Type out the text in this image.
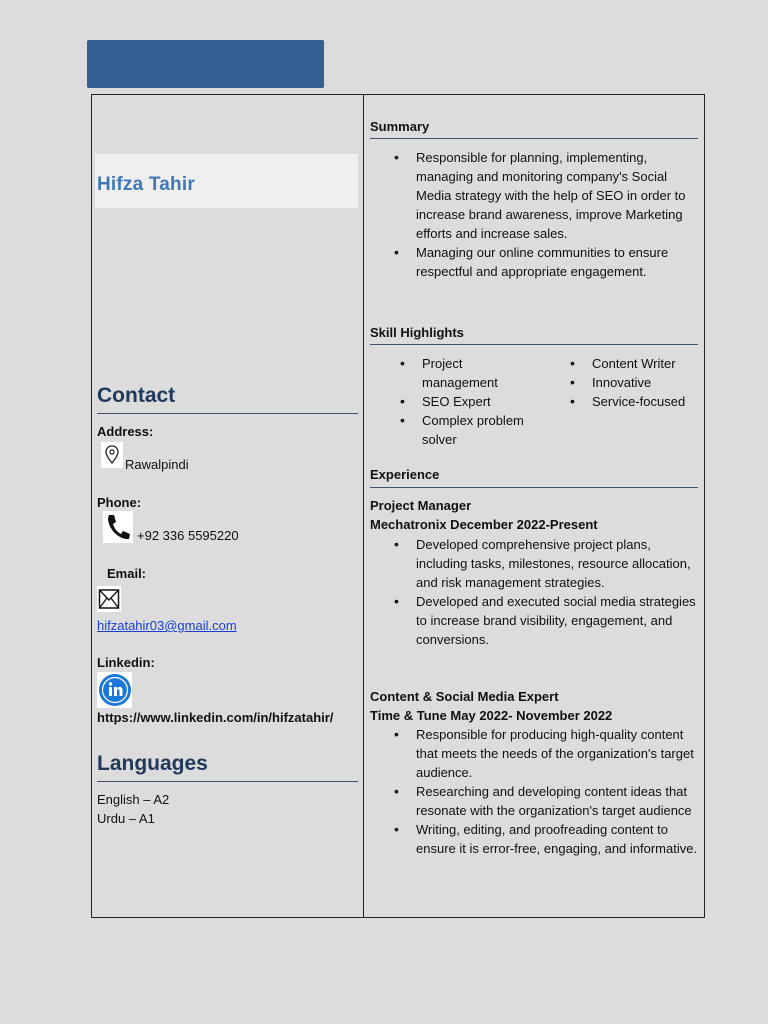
Hifza Tahir
Contact
Address:
Rawalpindi
Phone:
+92 336 5595220
Email:
hifzatahir03@gmail.com
Linkedin:
https://www.linkedin.com/in/hifzatahir/
Languages
English – A2
Urdu – A1
Summary
• Responsible for planning, implementing, managing and monitoring company's Social Media strategy with the help of SEO in order to increase brand awareness, improve Marketing efforts and increase sales.
• Managing our online communities to ensure respectful and appropriate engagement.
Skill Highlights
• Project management
• SEO Expert
• Complex problem solver
• Content Writer
• Innovative
• Service-focused
Experience
Project Manager
Mechatronix December 2022-Present
• Developed comprehensive project plans, including tasks, milestones, resource allocation, and risk management strategies.
• Developed and executed social media strategies to increase brand visibility, engagement, and conversions.
Content & Social Media Expert
Time & Tune May 2022- November 2022
• Responsible for producing high-quality content that meets the needs of the organization's target audience.
• Researching and developing content ideas that resonate with the organization's target audience
• Writing, editing, and proofreading content to ensure it is error-free, engaging, and informative.
